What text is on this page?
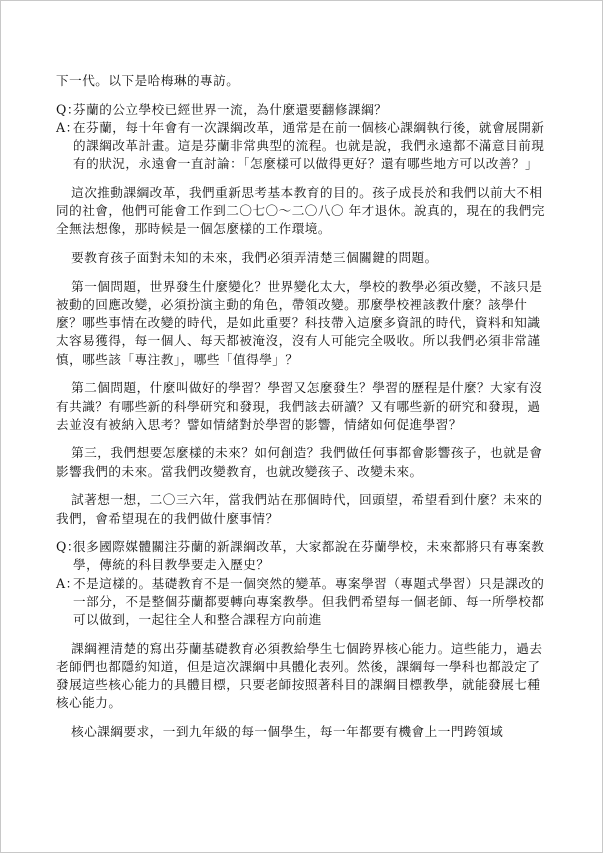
下一代。以下是哈梅琳的專訪。

Q：芬蘭的公立學校已經世界一流，為什麼還要翻修課綱？

A：在芬蘭，每十年會有一次課綱改革，通常是在前一個核心課綱執行後，就會展開新的課綱改革計畫。這是芬蘭非常典型的流程。也就是說，我們永遠都不滿意目前現有的狀況，永遠會一直討論：「怎麼樣可以做得更好？還有哪些地方可以改善？」

這次推動課綱改革，我們重新思考基本教育的目的。孩子成長於和我們以前大不相同的社會，他們可能會工作到二〇七〇～二〇八〇 年才退休。說真的，現在的我們完全無法想像，那時候是一個怎麼樣的工作環境。

要教育孩子面對未知的未來，我們必須弄清楚三個關鍵的問題。

第一個問題，世界發生什麼變化？世界變化太大，學校的教學必須改變，不該只是被動的回應改變，必須扮演主動的角色，帶領改變。那麼學校裡該教什麼？該學什麼？哪些事情在改變的時代，是如此重要？科技帶入這麼多資訊的時代，資料和知識太容易獲得，每一個人、每天都被淹沒，沒有人可能完全吸收。所以我們必須非常謹慎，哪些該「專注教」，哪些「值得學」？

第二個問題，什麼叫做好的學習？學習又怎麼發生？學習的歷程是什麼？大家有沒有共識？有哪些新的科學研究和發現，我們該去研讀？又有哪些新的研究和發現，過去並沒有被納入思考？譬如情緒對於學習的影響，情緒如何促進學習？

第三，我們想要怎麼樣的未來？如何創造？我們做任何事都會影響孩子，也就是會影響我們的未來。當我們改變教育，也就改變孩子、改變未來。

試著想一想，二〇三六年，當我們站在那個時代，回頭望，希望看到什麼？未來的我們，會希望現在的我們做什麼事情？

Q：很多國際媒體關注芬蘭的新課綱改革，大家都說在芬蘭學校，未來都將只有專案教學，傳統的科目教學要走入歷史？

A：不是這樣的。基礎教育不是一個突然的變革。專案學習（專題式學習）只是課改的一部分，不是整個芬蘭都要轉向專案教學。但我們希望每一個老師、每一所學校都可以做到，一起往全人和整合課程方向前進

課綱裡清楚的寫出芬蘭基礎教育必須教給學生七個跨界核心能力。這些能力，過去老師們也都隱約知道，但是這次課綱中具體化表列。然後，課綱每一學科也都設定了發展這些核心能力的具體目標，只要老師按照著科目的課綱目標教學，就能發展七種核心能力。

核心課綱要求，一到九年級的每一個學生，每一年都要有機會上一門跨領域
